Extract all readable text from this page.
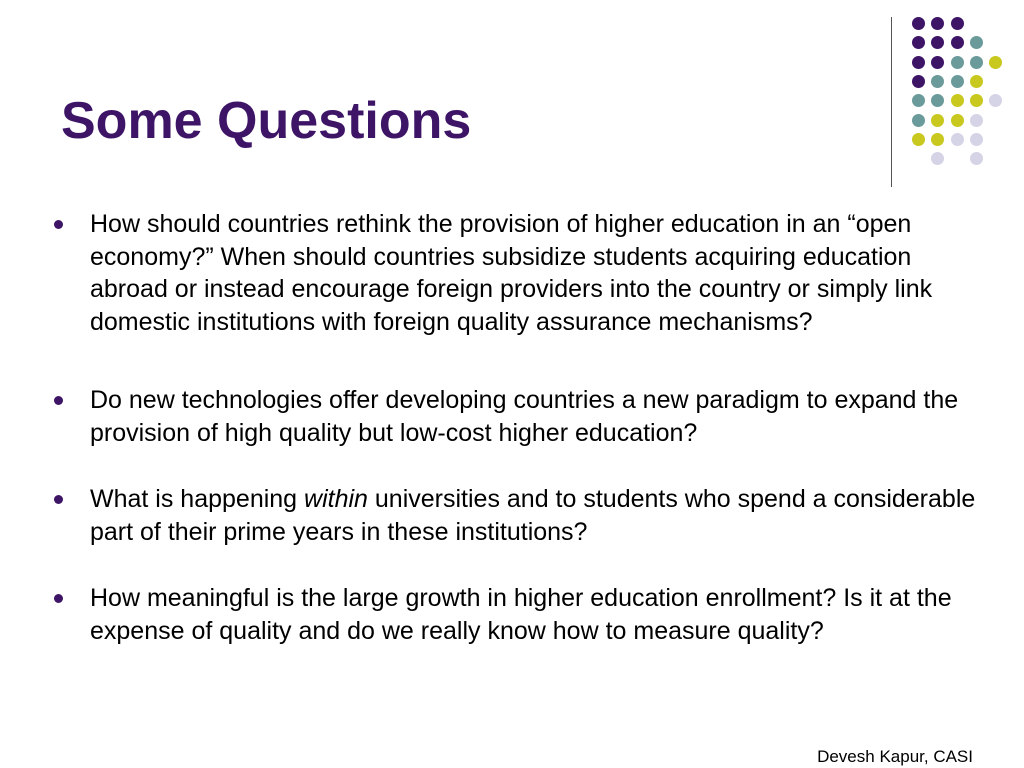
Some Questions
How should countries rethink the provision of higher education in an “open economy?” When should countries subsidize students acquiring education abroad or instead encourage foreign providers into the country or simply link domestic institutions with foreign quality assurance mechanisms?
Do new technologies offer developing countries a new paradigm to expand the provision of high quality but low-cost higher education?
What is happening within universities and to students who spend a considerable part of their prime years in these institutions?
How meaningful is the large growth in higher education enrollment? Is it at the expense of quality and do we really know how to measure quality?
Devesh Kapur, CASI
